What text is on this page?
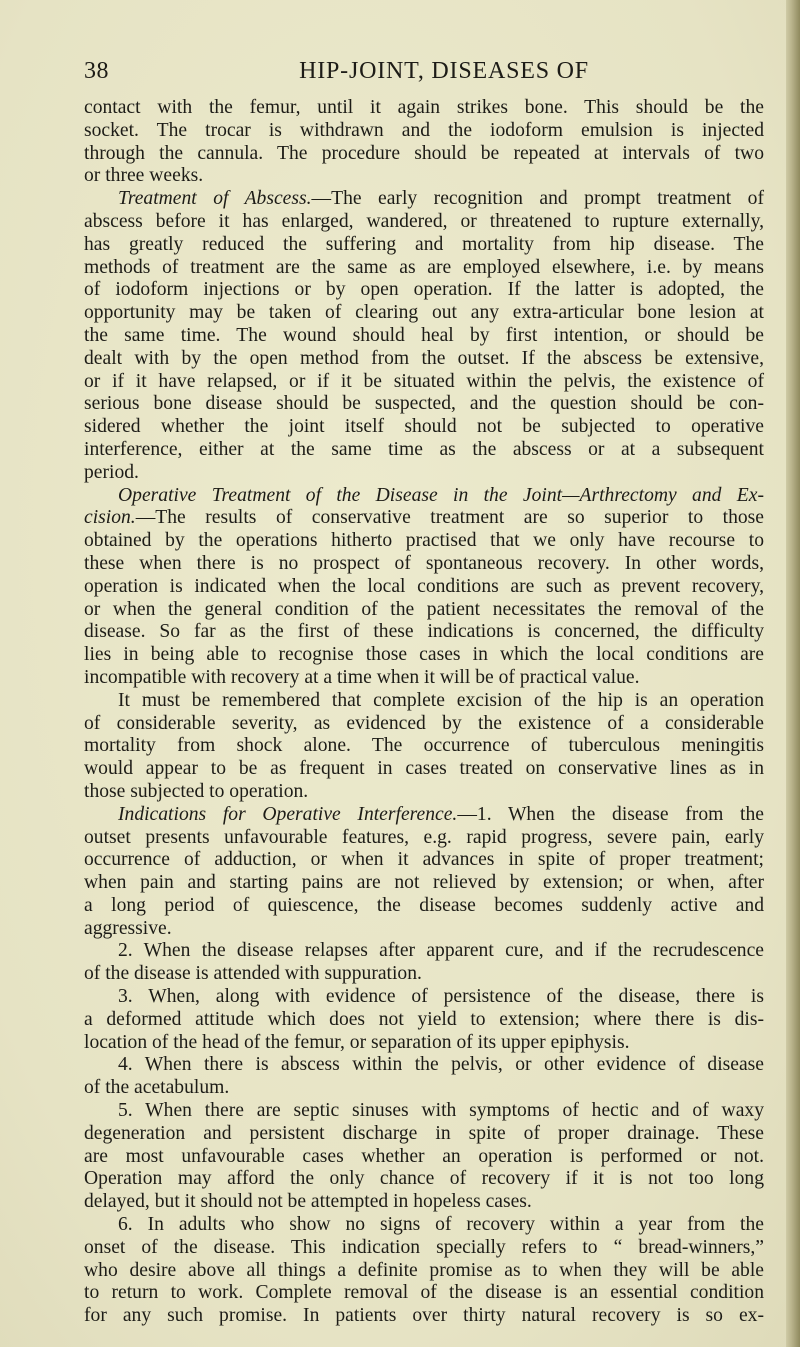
38	HIP-JOINT, DISEASES OF
contact with the femur, until it again strikes bone. This should be the
socket. The trocar is withdrawn and the iodoform emulsion is injected
through the cannula. The procedure should be repeated at intervals of two
or three weeks.
Treatment of Abscess.—The early recognition and prompt treatment of
abscess before it has enlarged, wandered, or threatened to rupture externally,
has greatly reduced the suffering and mortality from hip disease. The
methods of treatment are the same as are employed elsewhere, i.e. by means
of iodoform injections or by open operation. If the latter is adopted, the
opportunity may be taken of clearing out any extra-articular bone lesion at
the same time. The wound should heal by first intention, or should be
dealt with by the open method from the outset. If the abscess be extensive,
or if it have relapsed, or if it be situated within the pelvis, the existence of
serious bone disease should be suspected, and the question should be con-
sidered whether the joint itself should not be subjected to operative
interference, either at the same time as the abscess or at a subsequent
period.
Operative Treatment of the Disease in the Joint—Arthrectomy and Ex-
cision.—The results of conservative treatment are so superior to those
obtained by the operations hitherto practised that we only have recourse to
these when there is no prospect of spontaneous recovery. In other words,
operation is indicated when the local conditions are such as prevent recovery,
or when the general condition of the patient necessitates the removal of the
disease. So far as the first of these indications is concerned, the difficulty
lies in being able to recognise those cases in which the local conditions are
incompatible with recovery at a time when it will be of practical value.
It must be remembered that complete excision of the hip is an operation
of considerable severity, as evidenced by the existence of a considerable
mortality from shock alone. The occurrence of tuberculous meningitis
would appear to be as frequent in cases treated on conservative lines as in
those subjected to operation.
Indications for Operative Interference.—1. When the disease from the
outset presents unfavourable features, e.g. rapid progress, severe pain, early
occurrence of adduction, or when it advances in spite of proper treatment;
when pain and starting pains are not relieved by extension; or when, after
a long period of quiescence, the disease becomes suddenly active and
aggressive.
2. When the disease relapses after apparent cure, and if the recrudescence
of the disease is attended with suppuration.
3. When, along with evidence of persistence of the disease, there is
a deformed attitude which does not yield to extension; where there is dis-
location of the head of the femur, or separation of its upper epiphysis.
4. When there is abscess within the pelvis, or other evidence of disease
of the acetabulum.
5. When there are septic sinuses with symptoms of hectic and of waxy
degeneration and persistent discharge in spite of proper drainage. These
are most unfavourable cases whether an operation is performed or not.
Operation may afford the only chance of recovery if it is not too long
delayed, but it should not be attempted in hopeless cases.
6. In adults who show no signs of recovery within a year from the
onset of the disease. This indication specially refers to “ bread-winners,”
who desire above all things a definite promise as to when they will be able
to return to work. Complete removal of the disease is an essential condition
for any such promise. In patients over thirty natural recovery is so ex-
